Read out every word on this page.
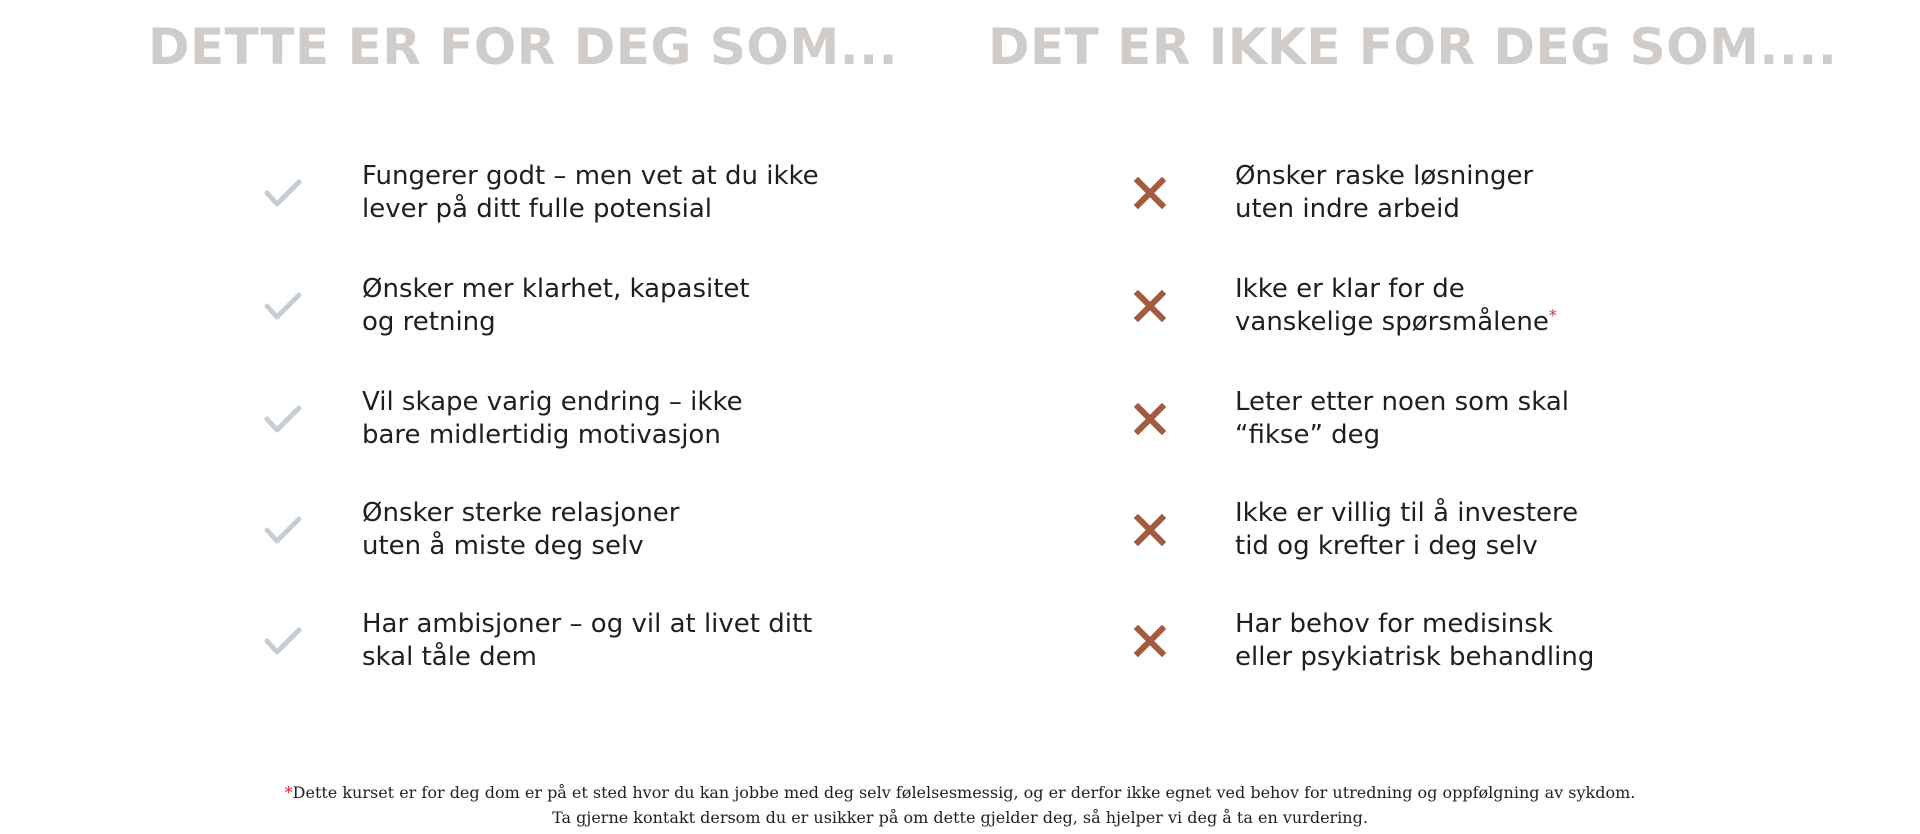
DETTE ER FOR DEG SOM... DET ER IKKE FOR DEG SOM....
Fungerer godt – men vet at du ikke
lever på ditt fulle potensial
Ønsker mer klarhet, kapasitet
og retning
Vil skape varig endring – ikke
bare midlertidig motivasjon
Ønsker sterke relasjoner
uten å miste deg selv
Har ambisjoner – og vil at livet ditt
skal tåle dem
Ønsker raske løsninger
uten indre arbeid
Ikke er klar for de
vanskelige spørsmålene*
Leter etter noen som skal
“fikse” deg
Ikke er villig til å investere
tid og krefter i deg selv
Har behov for medisinsk
eller psykiatrisk behandling
*Dette kurset er for deg dom er på et sted hvor du kan jobbe med deg selv følelsesmessig, og er derfor ikke egnet ved behov for utredning og oppfølgning av sykdom.
Ta gjerne kontakt dersom du er usikker på om dette gjelder deg, så hjelper vi deg å ta en vurdering.
